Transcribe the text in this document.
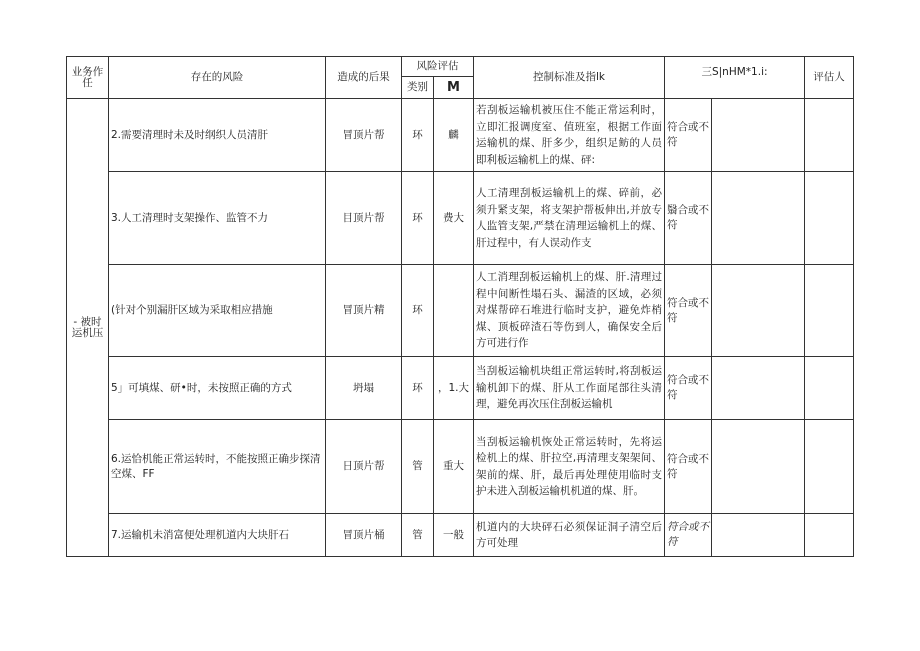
业务作任	存在的风险	造成的后果	风险评估		控制标准及指lk	三S|nHM*1.i:		评估人
			类别	M				
- 被时运机压	2.需要清理时未及时纲织人员清肝	冒顶片帮	环	麟	若刮板运输机被压住不能正常运利时，立即汇报调度室、值班室，根据工作面运输机的煤、肝多少，组织足鲂的人员即利板运输机上的煤、砰:	符合或不符		
	3.人工清理时支架操作、监管不力	目顶片帮	环	费大	人工清理刮板运输机上的煤、碎前，必须升紧支架，将支架护帮板伸出,并放专人监管支架,严禁在清理运输机上的煤、肝过程中，有人误动作支	翳合或不符		
	(针对个别漏肝区域为采取相应措施	冒顶片精	环		人工消理刮板运输机上的煤、肝.清理过程中间断性塌石头、漏渣的区域，必须对煤帮碎石堆进行临时支护，避免炸梢煤、顶板碎渣石等伤到人，确保安全后方可进行作	符合或不符		
	5」可填煤、研•时，未按照正确的方式	坍塌	环	，1.大	当刮板运输机块组正常运转时,将刮板运输机卸下的煤、肝从工作面尾部往头清理，避免再次压住刮板运输机	符合或不符		
	6.运恰机能正常运转时，不能按照正确步探清空煤、FF	日顶片帮	管	重大	当刮板运输机恢处正常运转时，先将运检机上的煤、肝拉空,再清理支架架间、架前的煤、肝，最后再处理使用临时支护未进入刮板运输机机道的煤、肝。	符合或不符		
	7.运输机未消富便处理机道内大块肝石	冒顶片桶	管	一般	机道内的大块砰石必须保证洞子清空后方可处理	符合或不符		
